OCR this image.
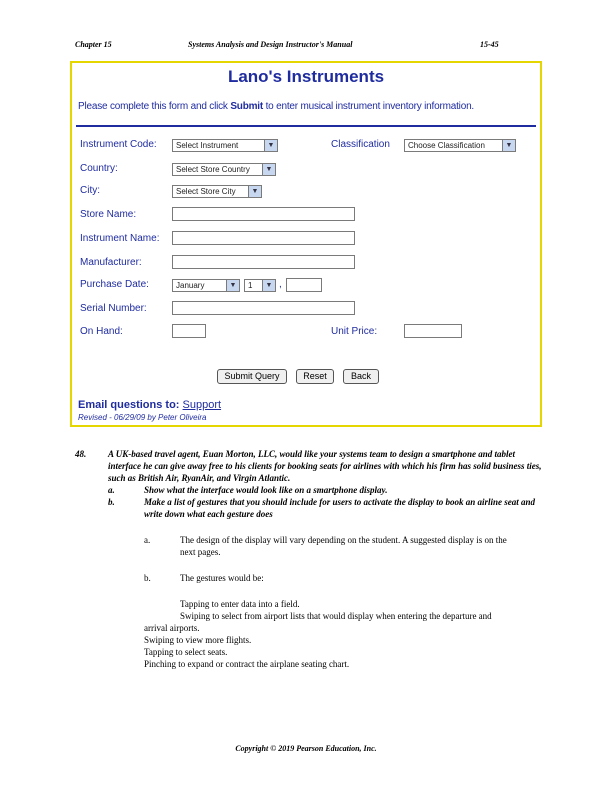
Chapter 15	Systems Analysis and Design Instructor's Manual	15-45
Lano's Instruments
Please complete this form and click Submit to enter musical instrument inventory information.
Instrument Code:	Select Instrument	▼	Classification	Choose Classification	▼
Country:	Select Store Country	▼
City:	Select Store City	▼
Store Name:
Instrument Name:
Manufacturer:
Purchase Date:	January	▼	1	▼ ,
Serial Number:
On Hand:	Unit Price:
Submit Query	Reset	Back
Email questions to: Support
Revised - 06/29/09 by Peter Oliveira
48. A UK-based travel agent, Euan Morton, LLC, would like your systems team to design a smartphone and tablet interface he can give away free to his clients for booking seats for airlines with which his firm has solid business ties, such as British Air, RyanAir, and Virgin Atlantic.
a.	Show what the interface would look like on a smartphone display.
b.	Make a list of gestures that you should include for users to activate the display to book an airline seat and write down what each gesture does
a.	The design of the display will vary depending on the student. A suggested display is on the next pages.
b.	The gestures would be:
Tapping to enter data into a field.
Swiping to select from airport lists that would display when entering the departure and arrival airports.
Swiping to view more flights.
Tapping to select seats.
Pinching to expand or contract the airplane seating chart.
Copyright © 2019 Pearson Education, Inc.
